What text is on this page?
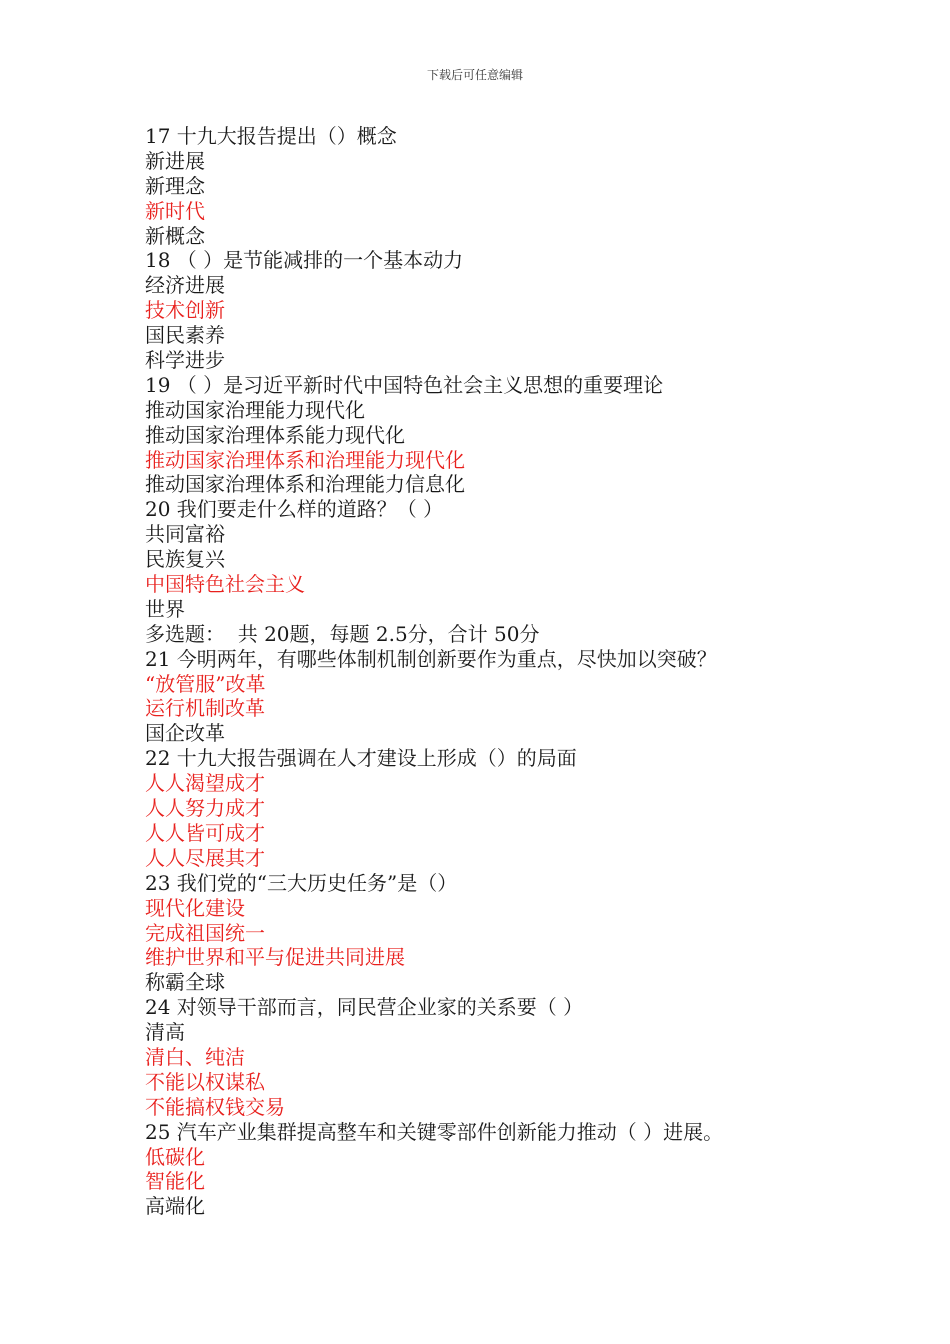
下载后可任意编辑
17 十九大报告提出（）概念
新进展
新理念
新时代
新概念
18 （ ）是节能减排的一个基本动力
经济进展
技术创新
国民素养
科学进步
19 （ ）是习近平新时代中国特色社会主义思想的重要理论
推动国家治理能力现代化
推动国家治理体系能力现代化
推动国家治理体系和治理能力现代化
推动国家治理体系和治理能力信息化
20 我们要走什么样的道路？（ ）
共同富裕
民族复兴
中国特色社会主义
世界
多选题：  共 20题，每题 2.5分，合计 50分
21 今明两年，有哪些体制机制创新要作为重点，尽快加以突破？
“放管服”改革
运行机制改革
国企改革
22 十九大报告强调在人才建设上形成（）的局面
人人渴望成才
人人努力成才
人人皆可成才
人人尽展其才
23 我们党的“三大历史任务”是（）
现代化建设
完成祖国统一
维护世界和平与促进共同进展
称霸全球
24 对领导干部而言，同民营企业家的关系要（ ）
清高
清白、纯洁
不能以权谋私
不能搞权钱交易
25 汽车产业集群提高整车和关键零部件创新能力推动（ ）进展。
低碳化
智能化
高端化
